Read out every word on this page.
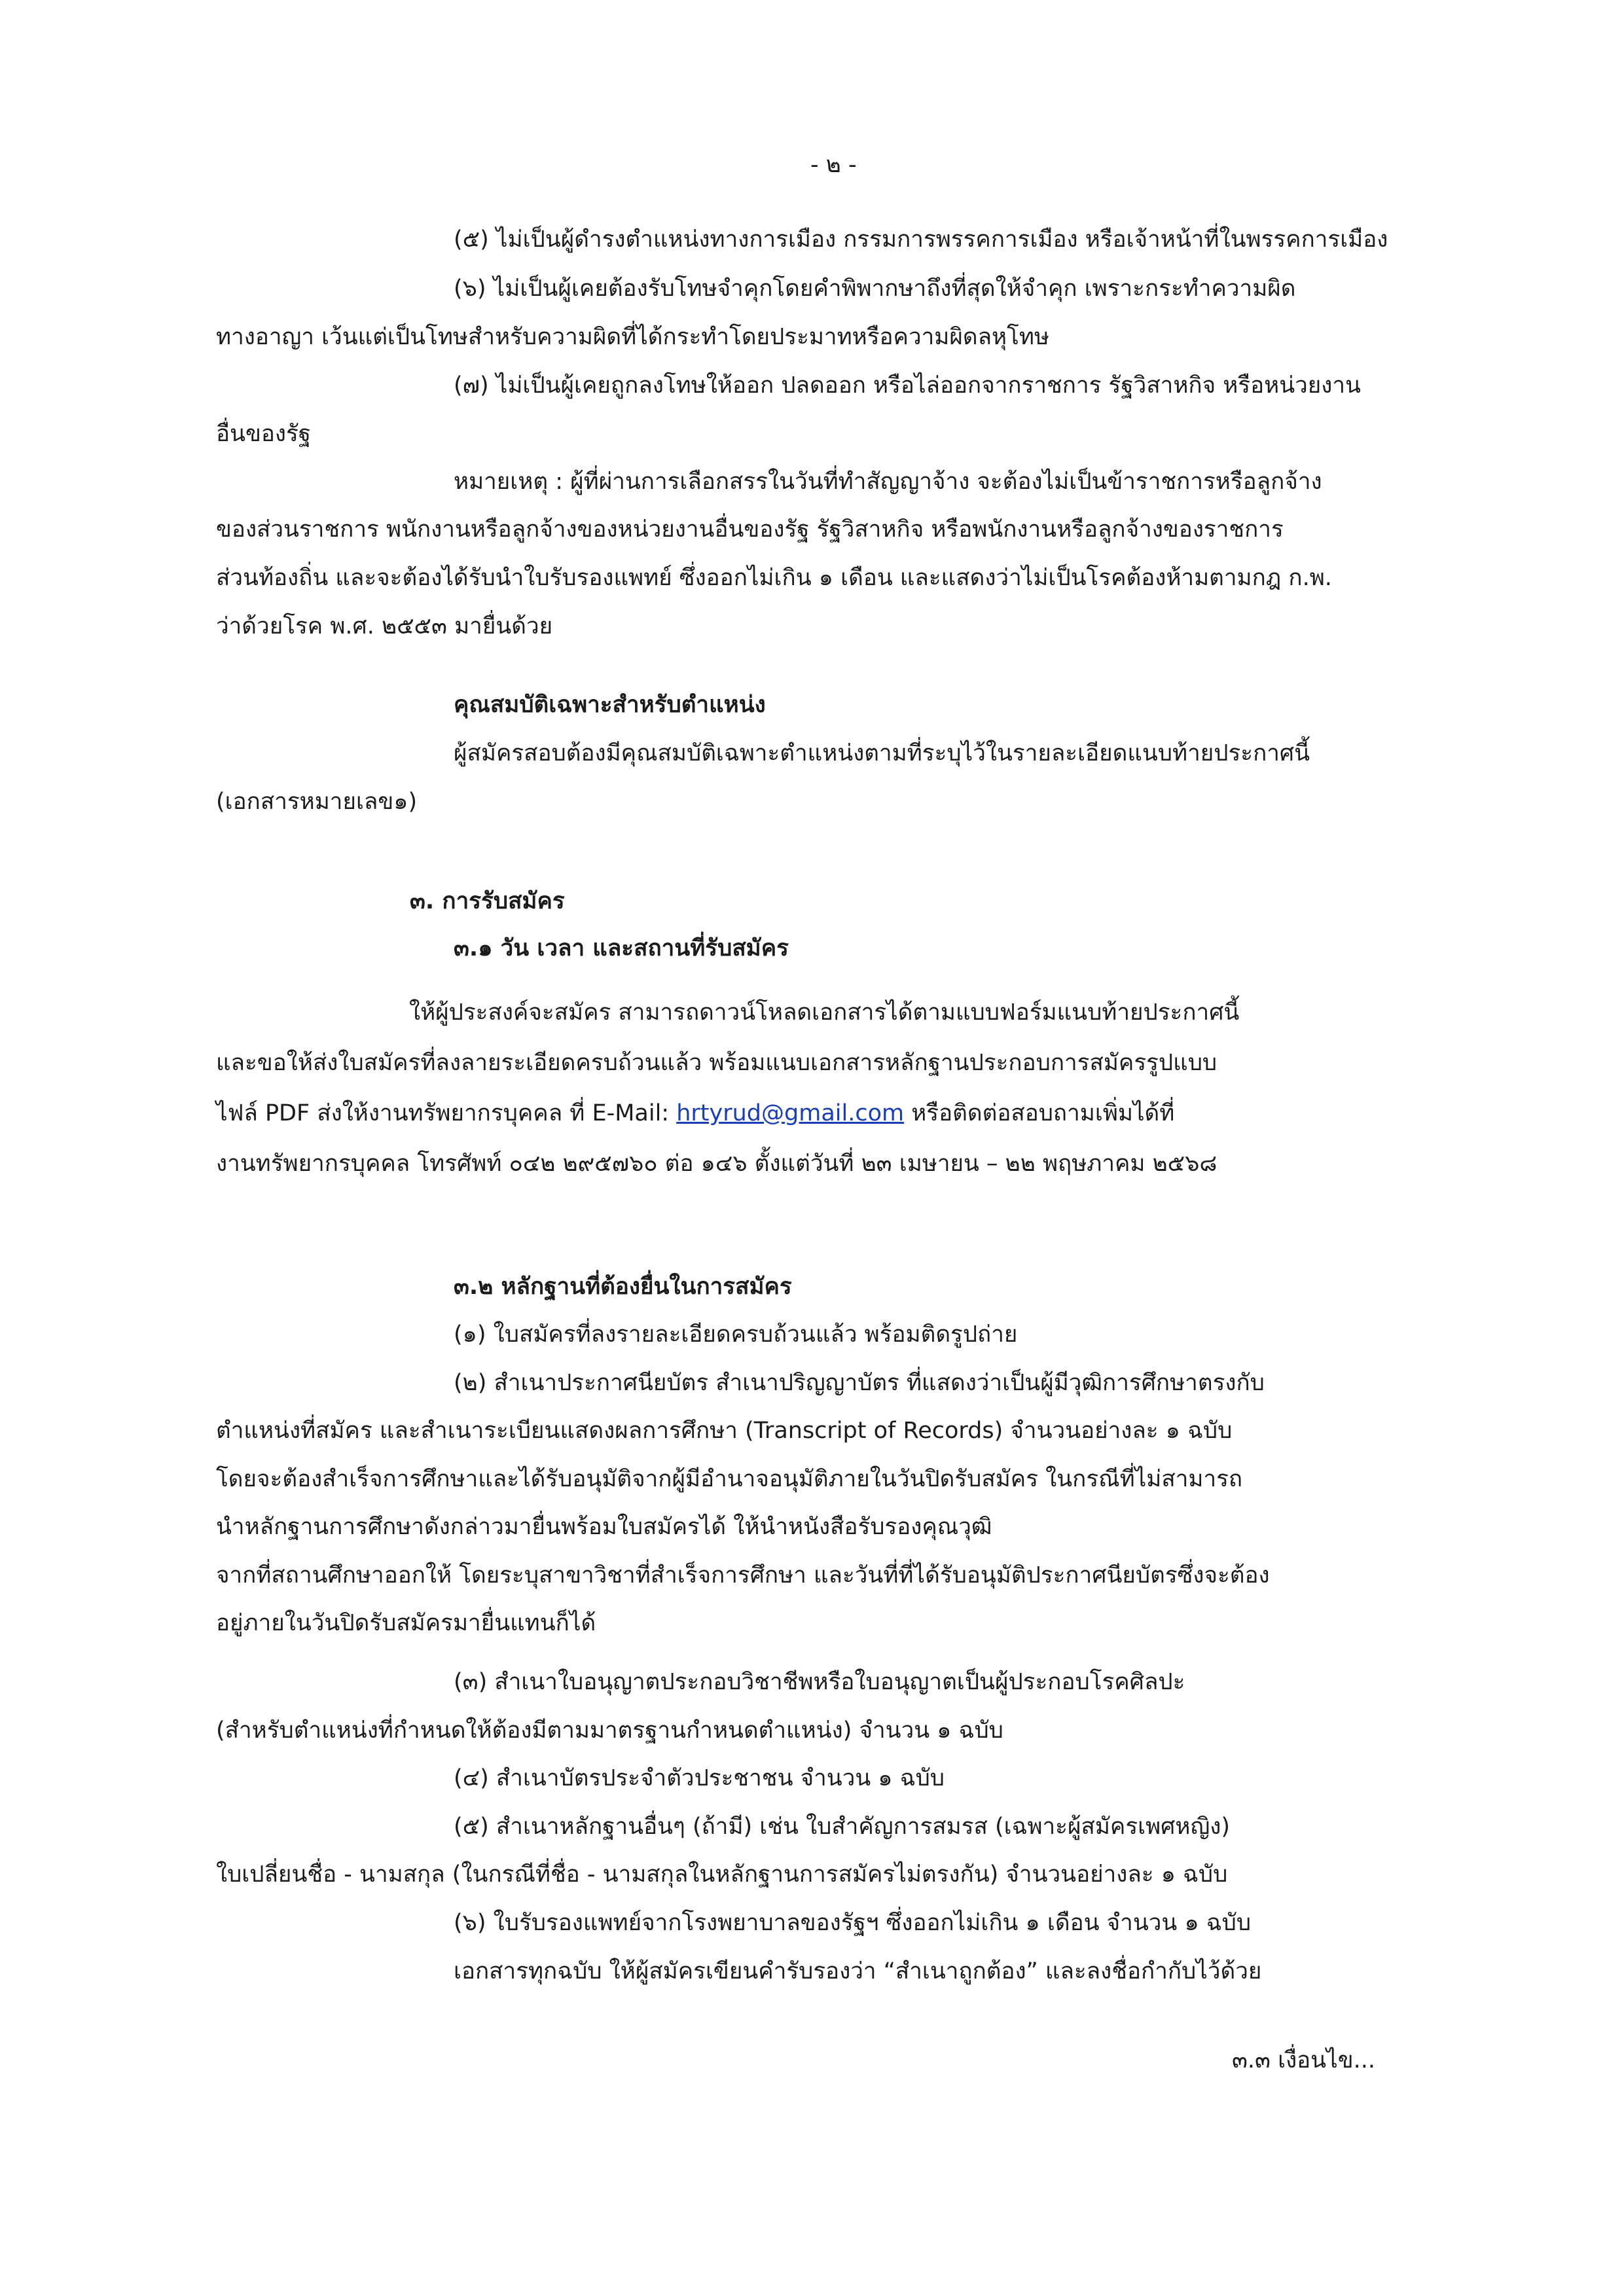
- ๒ -
(๕) ไม่เป็นผู้ดำรงตำแหน่งทางการเมือง กรรมการพรรคการเมือง หรือเจ้าหน้าที่ในพรรคการเมือง
(๖) ไม่เป็นผู้เคยต้องรับโทษจำคุกโดยคำพิพากษาถึงที่สุดให้จำคุก เพราะกระทำความผิด
ทางอาญา เว้นแต่เป็นโทษสำหรับความผิดที่ได้กระทำโดยประมาทหรือความผิดลหุโทษ
(๗) ไม่เป็นผู้เคยถูกลงโทษให้ออก ปลดออก หรือไล่ออกจากราชการ รัฐวิสาหกิจ หรือหน่วยงาน
อื่นของรัฐ
หมายเหตุ : ผู้ที่ผ่านการเลือกสรรในวันที่ทำสัญญาจ้าง จะต้องไม่เป็นข้าราชการหรือลูกจ้าง
ของส่วนราชการ พนักงานหรือลูกจ้างของหน่วยงานอื่นของรัฐ รัฐวิสาหกิจ หรือพนักงานหรือลูกจ้างของราชการ
ส่วนท้องถิ่น และจะต้องได้รับนำใบรับรองแพทย์ ซึ่งออกไม่เกิน ๑ เดือน และแสดงว่าไม่เป็นโรคต้องห้ามตามกฎ ก.พ.
ว่าด้วยโรค พ.ศ. ๒๕๕๓ มายื่นด้วย
คุณสมบัติเฉพาะสำหรับตำแหน่ง
ผู้สมัครสอบต้องมีคุณสมบัติเฉพาะตำแหน่งตามที่ระบุไว้ในรายละเอียดแนบท้ายประกาศนี้
(เอกสารหมายเลข๑)
๓. การรับสมัคร
๓.๑ วัน เวลา และสถานที่รับสมัคร
ให้ผู้ประสงค์จะสมัคร สามารถดาวน์โหลดเอกสารได้ตามแบบฟอร์มแนบท้ายประกาศนี้
และขอให้ส่งใบสมัครที่ลงลายระเอียดครบถ้วนแล้ว พร้อมแนบเอกสารหลักฐานประกอบการสมัครรูปแบบ
ไฟล์ PDF ส่งให้งานทรัพยากรบุคคล ที่ E-Mail: hrtyrud@gmail.com หรือติดต่อสอบถามเพิ่มได้ที่
งานทรัพยากรบุคคล โทรศัพท์ ๐๔๒ ๒๙๕๗๖๐ ต่อ ๑๔๖ ตั้งแต่วันที่ ๒๓ เมษายน – ๒๒ พฤษภาคม ๒๕๖๘
๓.๒ หลักฐานที่ต้องยื่นในการสมัคร
(๑) ใบสมัครที่ลงรายละเอียดครบถ้วนแล้ว พร้อมติดรูปถ่าย
(๒) สำเนาประกาศนียบัตร สำเนาปริญญาบัตร ที่แสดงว่าเป็นผู้มีวุฒิการศึกษาตรงกับ
ตำแหน่งที่สมัคร และสำเนาระเบียนแสดงผลการศึกษา (Transcript of Records) จำนวนอย่างละ ๑ ฉบับ
โดยจะต้องสำเร็จการศึกษาและได้รับอนุมัติจากผู้มีอำนาจอนุมัติภายในวันปิดรับสมัคร ในกรณีที่ไม่สามารถ
นำหลักฐานการศึกษาดังกล่าวมายื่นพร้อมใบสมัครได้ ให้นำหนังสือรับรองคุณวุฒิ
จากที่สถานศึกษาออกให้ โดยระบุสาขาวิชาที่สำเร็จการศึกษา และวันที่ที่ได้รับอนุมัติประกาศนียบัตรซึ่งจะต้อง
อยู่ภายในวันปิดรับสมัครมายื่นแทนก็ได้
(๓) สำเนาใบอนุญาตประกอบวิชาชีพหรือใบอนุญาตเป็นผู้ประกอบโรคศิลปะ
(สำหรับตำแหน่งที่กำหนดให้ต้องมีตามมาตรฐานกำหนดตำแหน่ง) จำนวน ๑ ฉบับ
(๔) สำเนาบัตรประจำตัวประชาชน จำนวน ๑ ฉบับ
(๕) สำเนาหลักฐานอื่นๆ (ถ้ามี) เช่น ใบสำคัญการสมรส (เฉพาะผู้สมัครเพศหญิง)
ใบเปลี่ยนชื่อ - นามสกุล (ในกรณีที่ชื่อ - นามสกุลในหลักฐานการสมัครไม่ตรงกัน) จำนวนอย่างละ ๑ ฉบับ
(๖) ใบรับรองแพทย์จากโรงพยาบาลของรัฐฯ ซึ่งออกไม่เกิน ๑ เดือน จำนวน ๑ ฉบับ
เอกสารทุกฉบับ ให้ผู้สมัครเขียนคำรับรองว่า “สำเนาถูกต้อง” และลงชื่อกำกับไว้ด้วย
๓.๓ เงื่อนไข...
